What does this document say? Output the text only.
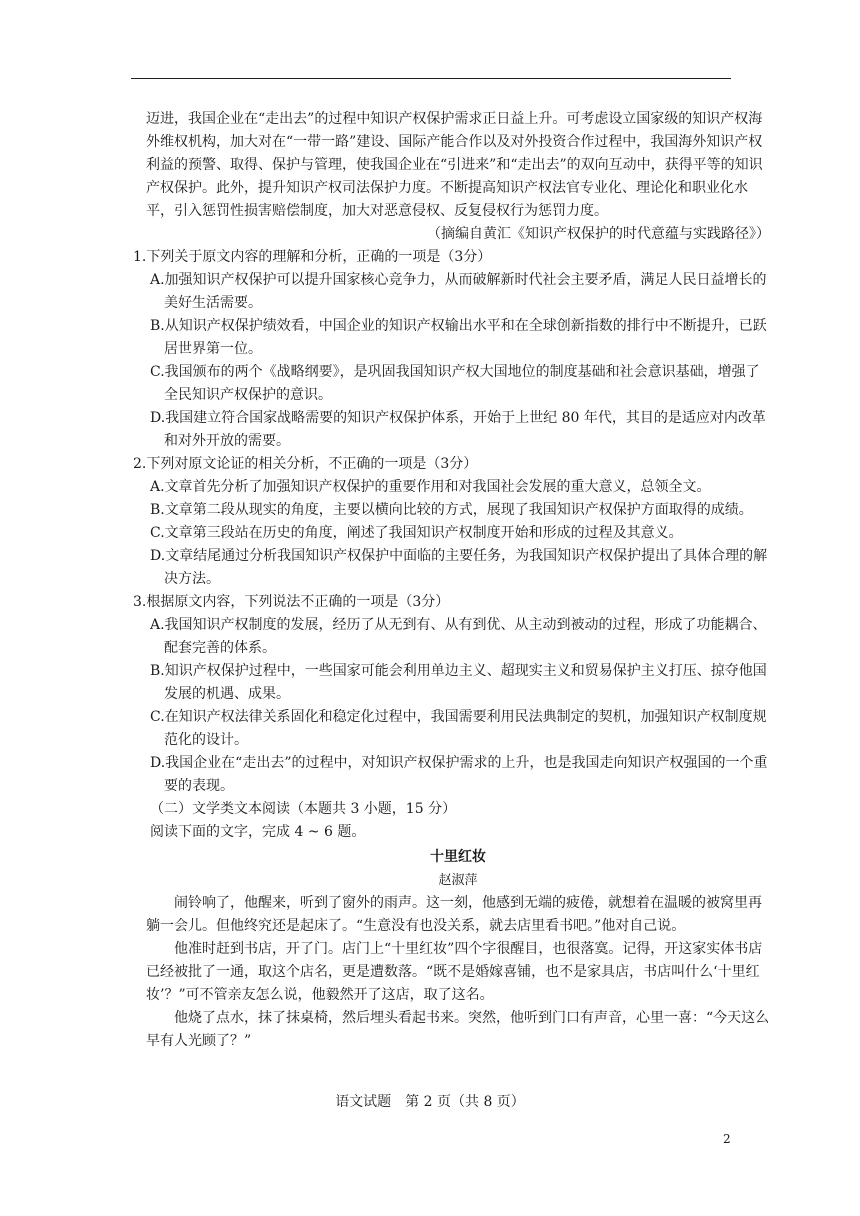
迈进，我国企业在“走出去”的过程中知识产权保护需求正日益上升。可考虑设立国家级的知识产权海外维权机构，加大对在“一带一路”建设、国际产能合作以及对外投资合作过程中，我国海外知识产权利益的预警、取得、保护与管理，使我国企业在“引进来”和“走出去”的双向互动中，获得平等的知识产权保护。此外，提升知识产权司法保护力度。不断提高知识产权法官专业化、理论化和职业化水平，引入惩罚性损害赔偿制度，加大对恶意侵权、反复侵权行为惩罚力度。

（摘编自黄汇《知识产权保护的时代意蕴与实践路径》）

1.下列关于原文内容的理解和分析，正确的一项是（3分）

A.加强知识产权保护可以提升国家核心竞争力，从而破解新时代社会主要矛盾，满足人民日益增长的美好生活需要。

B.从知识产权保护绩效看，中国企业的知识产权输出水平和在全球创新指数的排行中不断提升，已跃居世界第一位。

C.我国颁布的两个《战略纲要》，是巩固我国知识产权大国地位的制度基础和社会意识基础，增强了全民知识产权保护的意识。

D.我国建立符合国家战略需要的知识产权保护体系，开始于上世纪 80 年代，其目的是适应对内改革和对外开放的需要。

2.下列对原文论证的相关分析，不正确的一项是（3分）

A.文章首先分析了加强知识产权保护的重要作用和对我国社会发展的重大意义，总领全文。

B.文章第二段从现实的角度，主要以横向比较的方式，展现了我国知识产权保护方面取得的成绩。

C.文章第三段站在历史的角度，阐述了我国知识产权制度开始和形成的过程及其意义。

D.文章结尾通过分析我国知识产权保护中面临的主要任务，为我国知识产权保护提出了具体合理的解决方法。

3.根据原文内容，下列说法不正确的一项是（3分）

A.我国知识产权制度的发展，经历了从无到有、从有到优、从主动到被动的过程，形成了功能耦合、配套完善的体系。

B.知识产权保护过程中，一些国家可能会利用单边主义、超现实主义和贸易保护主义打压、掠夺他国发展的机遇、成果。

C.在知识产权法律关系固化和稳定化过程中，我国需要利用民法典制定的契机，加强知识产权制度规范化的设计。

D.我国企业在“走出去”的过程中，对知识产权保护需求的上升，也是我国走向知识产权强国的一个重要的表现。

（二）文学类文本阅读（本题共 3 小题，15 分）

阅读下面的文字，完成 4 ~ 6 题。

十里红妆

赵淑萍

闹铃响了，他醒来，听到了窗外的雨声。这一刻，他感到无端的疲倦，就想着在温暖的被窝里再躺一会儿。但他终究还是起床了。“生意没有也没关系，就去店里看书吧。”他对自己说。

他准时赶到书店，开了门。店门上“十里红妆”四个字很醒目，也很落寞。记得，开这家实体书店已经被批了一通，取这个店名，更是遭数落。“既不是婚嫁喜铺，也不是家具店，书店叫什么‘十里红妆’？”可不管亲友怎么说，他毅然开了这店，取了这名。

他烧了点水，抹了抹桌椅，然后埋头看起书来。突然，他听到门口有声音，心里一喜：“今天这么早有人光顾了？”

语文试题　第 2 页（共 8 页）
2
